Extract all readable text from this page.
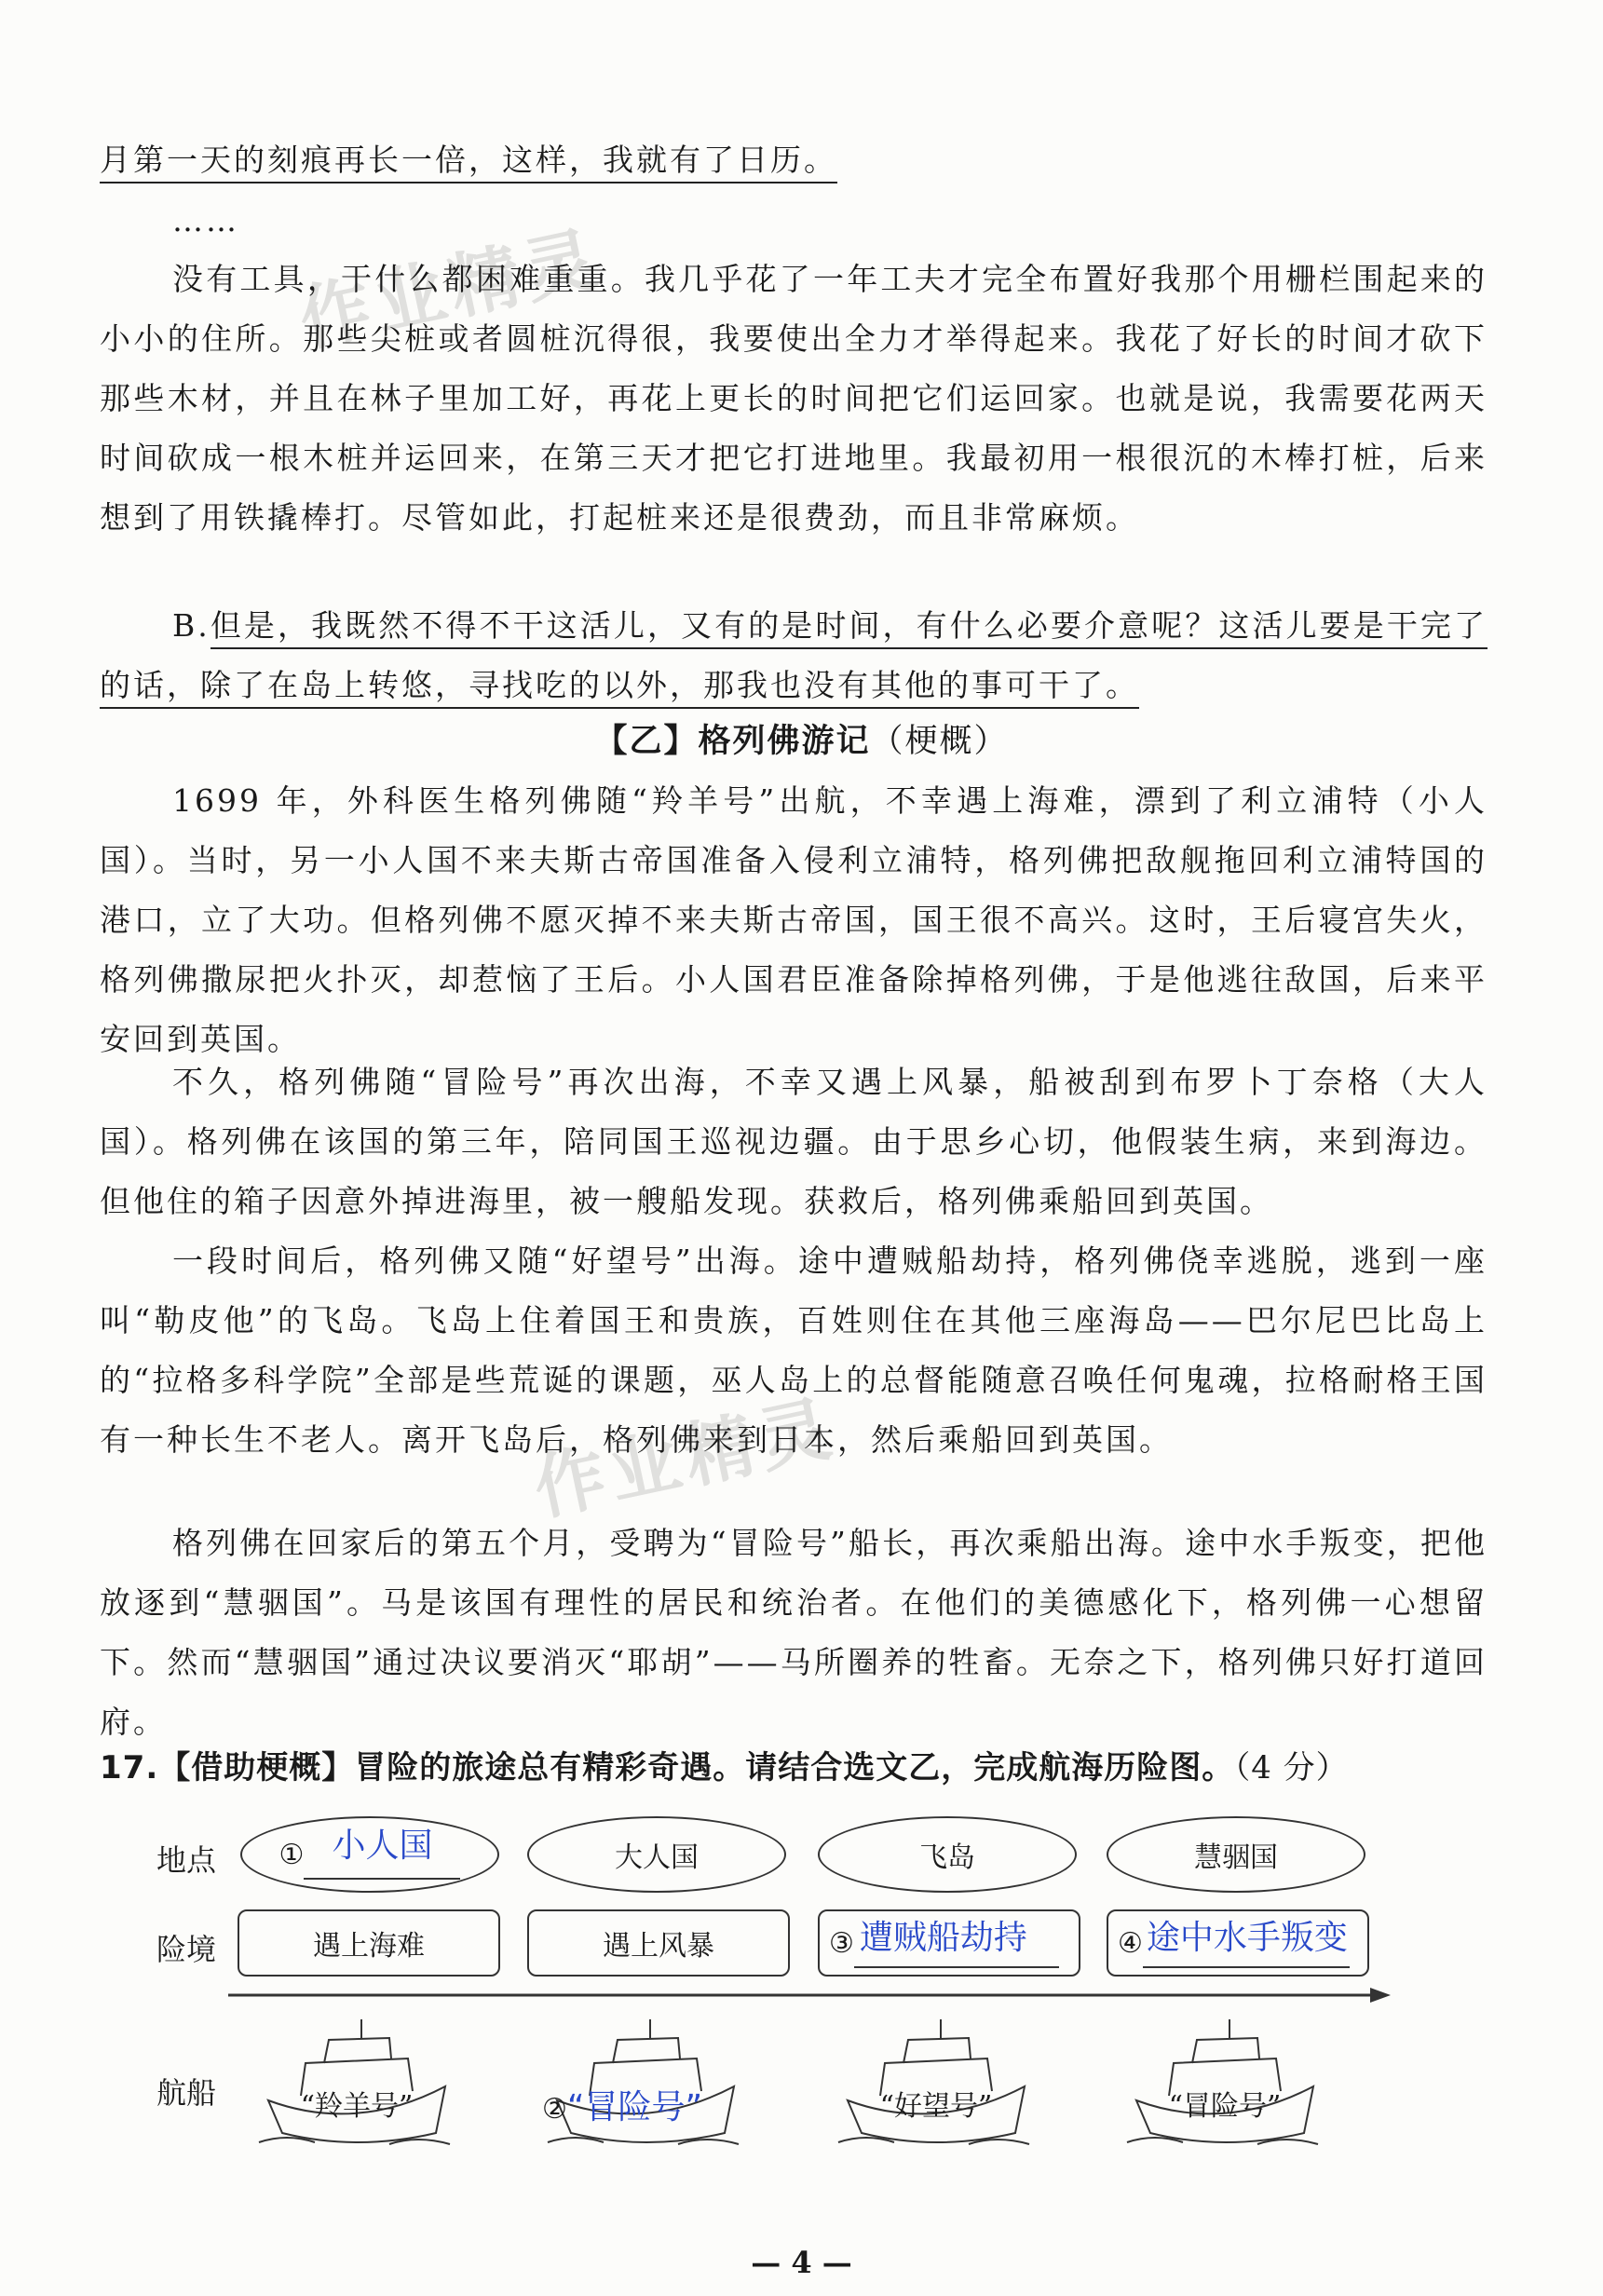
作业精灵
作业精灵

月第一天的刻痕再长一倍，这样，我就有了日历。

……

没有工具，干什么都困难重重。我几乎花了一年工夫才完全布置好我那个用栅栏围起来的小小的住所。那些尖桩或者圆桩沉得很，我要使出全力才举得起来。我花了好长的时间才砍下那些木材，并且在林子里加工好，再花上更长的时间把它们运回家。也就是说，我需要花两天时间砍成一根木桩并运回来，在第三天才把它打进地里。我最初用一根很沉的木棒打桩，后来想到了用铁撬棒打。尽管如此，打起桩来还是很费劲，而且非常麻烦。

B.但是，我既然不得不干这活儿，又有的是时间，有什么必要介意呢？这活儿要是干完了的话，除了在岛上转悠，寻找吃的以外，那我也没有其他的事可干了。

【乙】格列佛游记（梗概）

1699 年，外科医生格列佛随“羚羊号”出航，不幸遇上海难，漂到了利立浦特（小人国）。当时，另一小人国不来夫斯古帝国准备入侵利立浦特，格列佛把敌舰拖回利立浦特国的港口，立了大功。但格列佛不愿灭掉不来夫斯古帝国，国王很不高兴。这时，王后寝宫失火，格列佛撒尿把火扑灭，却惹恼了王后。小人国君臣准备除掉格列佛，于是他逃往敌国，后来平安回到英国。

不久，格列佛随“冒险号”再次出海，不幸又遇上风暴，船被刮到布罗卜丁奈格（大人国）。格列佛在该国的第三年，陪同国王巡视边疆。由于思乡心切，他假装生病，来到海边。但他住的箱子因意外掉进海里，被一艘船发现。获救后，格列佛乘船回到英国。

一段时间后，格列佛又随“好望号”出海。途中遭贼船劫持，格列佛侥幸逃脱，逃到一座叫“勒皮他”的飞岛。飞岛上住着国王和贵族，百姓则住在其他三座海岛——巴尔尼巴比岛上的“拉格多科学院”全部是些荒诞的课题，巫人岛上的总督能随意召唤任何鬼魂，拉格耐格王国有一种长生不老人。离开飞岛后，格列佛来到日本，然后乘船回到英国。

格列佛在回家后的第五个月，受聘为“冒险号”船长，再次乘船出海。途中水手叛变，把他放逐到“慧骃国”。马是该国有理性的居民和统治者。在他们的美德感化下，格列佛一心想留下。然而“慧骃国”通过决议要消灭“耶胡”——马所圈养的牲畜。无奈之下，格列佛只好打道回府。

17.【借助梗概】冒险的旅途总有精彩奇遇。请结合选文乙，完成航海历险图。（4 分）
地点
险境
航船
① 小人国	大人国	飞岛	慧骃国
遇上海难	遇上风暴	③ 遭贼船劫持	④ 途中水手叛变
“羚羊号”	②“冒险号”	“好望号”	“冒险号”
— 4 —
